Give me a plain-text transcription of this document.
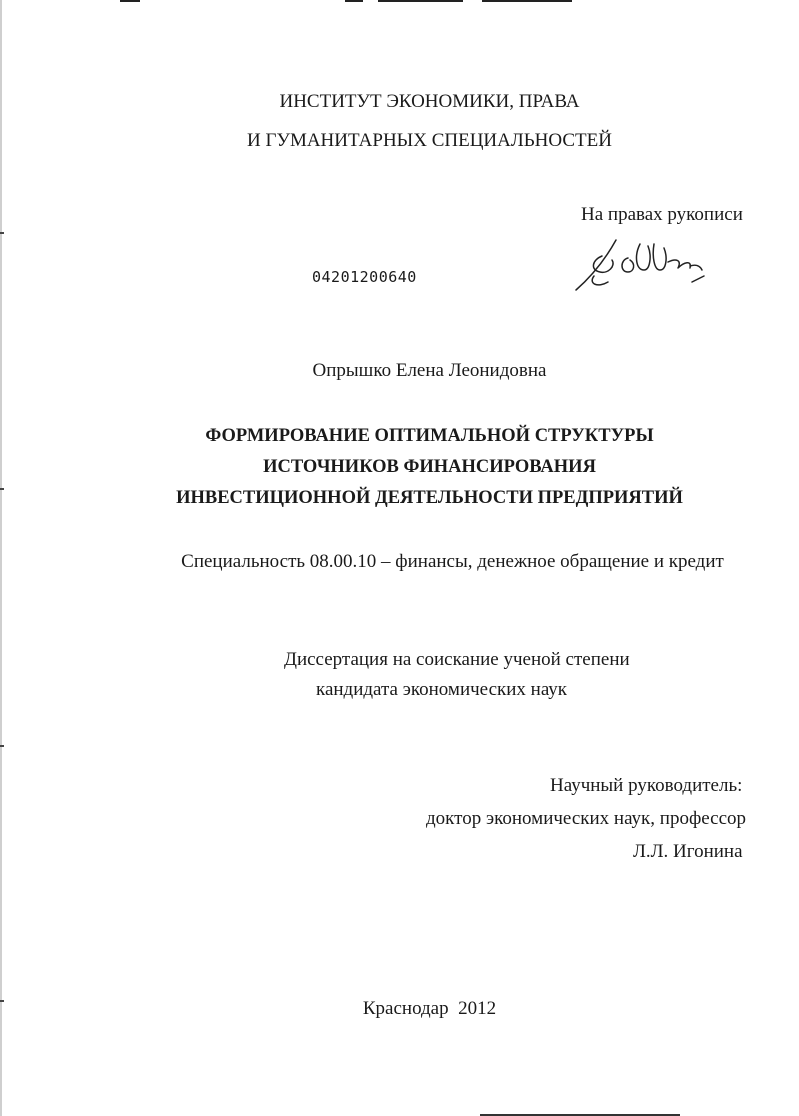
ИНСТИТУТ ЭКОНОМИКИ, ПРАВА
И ГУМАНИТАРНЫХ СПЕЦИАЛЬНОСТЕЙ
На правах рукописи
04201200640
Опрышко Елена Леонидовна
ФОРМИРОВАНИЕ ОПТИМАЛЬНОЙ СТРУКТУРЫ
ИСТОЧНИКОВ ФИНАНСИРОВАНИЯ
ИНВЕСТИЦИОННОЙ ДЕЯТЕЛЬНОСТИ ПРЕДПРИЯТИЙ
Специальность 08.00.10 – финансы, денежное обращение и кредит
Диссертация на соискание ученой степени
кандидата экономических наук
Научный руководитель:
доктор экономических наук, профессор
Л.Л. Игонина
Краснодар  2012
